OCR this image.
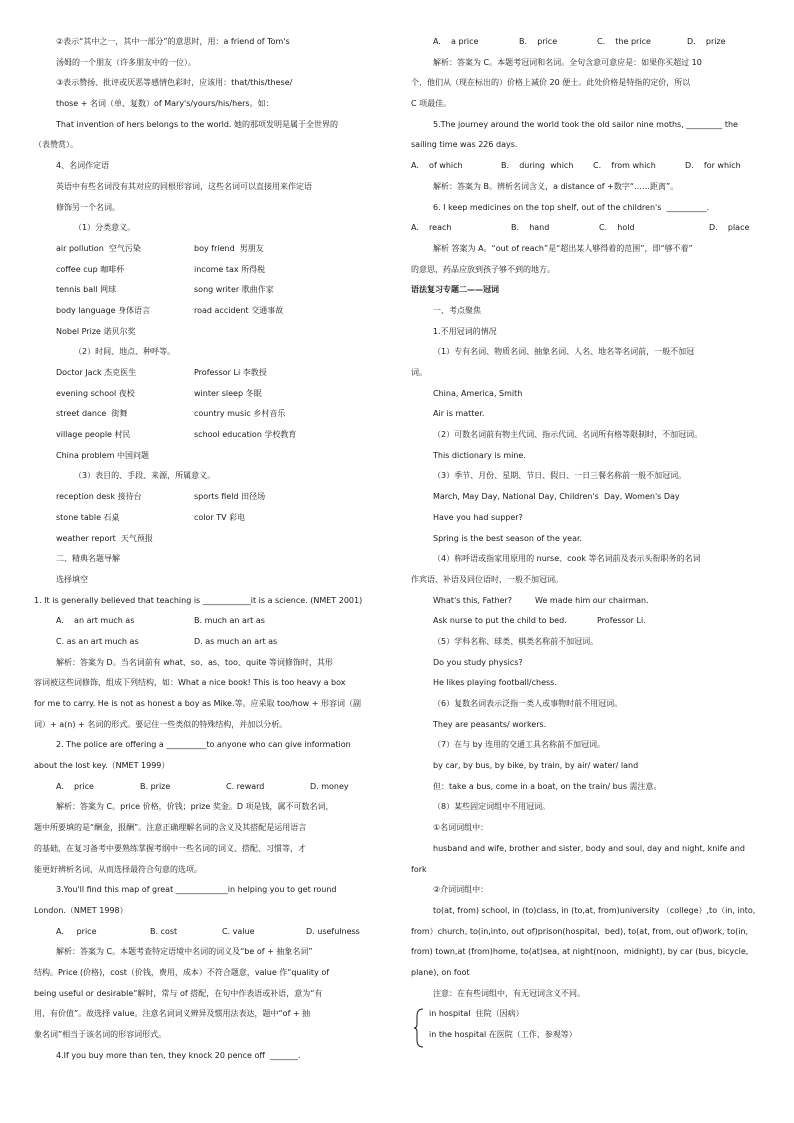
②表示“其中之一，其中一部分”的意思时，用：a friend of Tom's
汤姆的一个朋友（许多朋友中的一位）。
③表示赞扬、批评或厌恶等感情色彩时，应该用：that/this/these/
those + 名词（单、复数）of Mary's/yours/his/hers。如：
That invention of hers belongs to the world. 她的那项发明是属于全世界的
（表赞赏）。
4、名词作定语
英语中有些名词没有其对应的同根形容词，这些名词可以直接用来作定语
修饰另一个名词。
（1）分类意义。
air pollution  空气污染	boy friend  男朋友
coffee cup 咖啡杯	income tax 所得税
tennis ball 网球	song writer 歌曲作家
body language 身体语言	road accident 交通事故
Nobel Prize 诺贝尔奖
（2）时间、地点、种呼等。
Doctor Jack 杰克医生	Professor Li 李教授
evening school 夜校	winter sleep 冬眠
street dance  街舞	country music 乡村音乐
village people 村民	school education 学校教育
China problem 中国问题
（3）表目的、手段、来源，所属意义。
reception desk 接待台	sports field 田径场
stone table 石桌	color TV 彩电
weather report  天气预报
二、精典名题导解
选择填空
1. It is generally believed that teaching is ____________it is a science. (NMET 2001)
A.    an art much as	B. much an art as
C. as an art much as	D. as much an art as
解析：答案为 D。当名词前有 what、so、as、too、quite 等词修饰时，其形
容词被这些词修饰，组成下列结构，如：What a nice book! This is too heavy a box
for me to carry. He is not as honest a boy as Mike.等。应采取 too/how + 形容词（副
词）+ a(n) + 名词的形式。要记住一些类似的特殊结构，并加以分析。
2. The police are offering a __________to anyone who can give information
about the lost key.（NMET 1999）
A.    price	B. prize	C. reward	D. money
解析：答案为 C。price 价格，价钱；prize 奖金。D 项是钱，属不可数名词，
题中所要填的是“酬金，报酬”。注意正确理解名词的含义及其搭配是运用语言
的基础，在复习备考中要熟练掌握考纲中一些名词的词义、搭配、习惯等，才
能更好辨析名词，从而选择最符合句意的选项。
3.You'll find this map of great _____________in helping you to get round
London.（NMET 1998）
A.     price	B. cost	C. value	D. usefulness
解析：答案为 C。本题考查特定语境中名词的词义及“be of + 抽象名词”
结构。Price (价格)，cost（价钱，费用，成本）不符合题意，value 作“quality of
being useful or desirable”解时，常与 of 搭配，在句中作表语或补语，意为“有
用，有价值”。故选择 value。注意名词词义辨异及惯用法表达，题中“of + 抽
象名词”相当于该名词的形容词形式。
4.If you buy more than ten, they knock 20 pence off  _______.
A.    a price	B.    price	C.    the price	D.    prize
解析：答案为 C。本题考冠词和名词。全句含意可意应是：如果你买超过 10
个，他们从（现在标出的）价格上减价 20 便士。此处价格是特指的定价，所以
C 项最佳。
5.The journey around the world took the old sailor nine moths, _________ the
sailing time was 226 days.
A.    of which	B.    during  which	C.    from which	D.    for which
解析：答案为 B。辨析名词含义，a distance of +数字“……距离”。
6. I keep medicines on the top shelf, out of the children's  __________.
A.    reach	B.    hand	C.    hold	D.    place
解析 答案为 A。“out of reach”是“超出某人够得着的范围”，即“够不着”
的意思，药品应放到孩子够不到的地方。
语法复习专题二——冠词
一、考点聚焦
1.不用冠词的情况
（1）专有名词、物质名词、抽象名词、人名、地名等名词前，一般不加冠
词。
China, America, Smith
Air is matter.
（2）可数名词前有物主代词、指示代词、名词所有格等限制时，不加冠词。
This dictionary is mine.
（3）季节、月份、星期、节日、假日、一日三餐名称前一般不加冠词。
March, May Day, National Day, Children's  Day, Women's Day
Have you had supper?
Spring is the best season of the year.
（4）称呼语或指家用原用的 nurse、cook 等名词前及表示头衔职务的名词
作宾语、补语及同位语时，一般不加冠词。
What's this, Father?	We made him our chairman.
Ask nurse to put the child to bed.	Professor Li.
（5）学科名称、球类、棋类名称前不加冠词。
Do you study physics?
He likes playing football/chess.
（6）复数名词表示泛指一类人或事物时前不用冠词。
They are peasants/ workers.
（7）在与 by 连用的交通工具名称前不加冠词。
by car, by bus, by bike, by train, by air/ water/ land
但：take a bus, come in a boat, on the train/ bus 需注意。
（8）某些固定词组中不用冠词。
①名词词组中：
husband and wife, brother and sister, body and soul, day and night, knife and
fork
②介词词组中：
to(at, from) school, in (to)class, in (to,at, from)university （college）,to（in, into,
from）church, to(in,into, out of)prison(hospital,  bed), to(at, from, out of)work, to(in,
from) town,at (from)home, to(at)sea, at night(noon,  midnight), by car (bus, bicycle,
plane), on foot
注意：在有些词组中，有无冠词含义不同。
in hospital  住院（因病）
in the hospital 在医院（工作、参观等）
